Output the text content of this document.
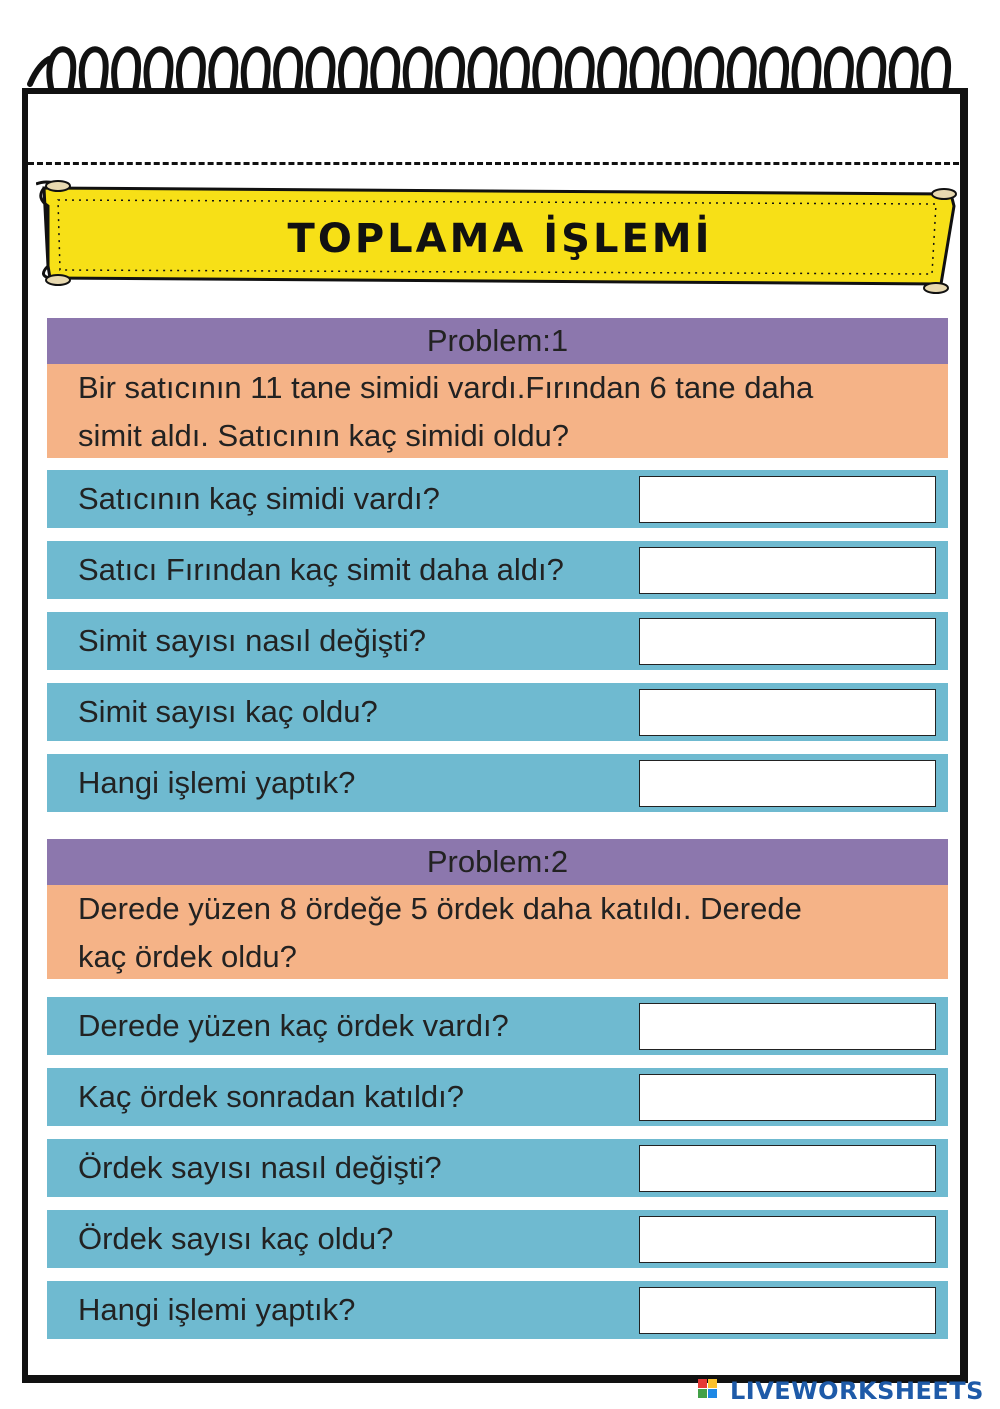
TOPLAMA İŞLEMİ
Problem:1
Bir satıcının 11 tane simidi vardı.Fırından 6 tane daha
simit aldı. Satıcının kaç simidi oldu?
Satıcının kaç simidi vardı?
Satıcı Fırından kaç simit daha aldı?
Simit sayısı nasıl değişti?
Simit sayısı kaç oldu?
Hangi işlemi yaptık?
Problem:2
Derede yüzen 8 ördeğe 5 ördek daha katıldı. Derede
kaç ördek oldu?
Derede yüzen kaç ördek vardı?
Kaç ördek sonradan katıldı?
Ördek sayısı nasıl değişti?
Ördek sayısı kaç oldu?
Hangi işlemi yaptık?
LIVEWORKSHEETS
